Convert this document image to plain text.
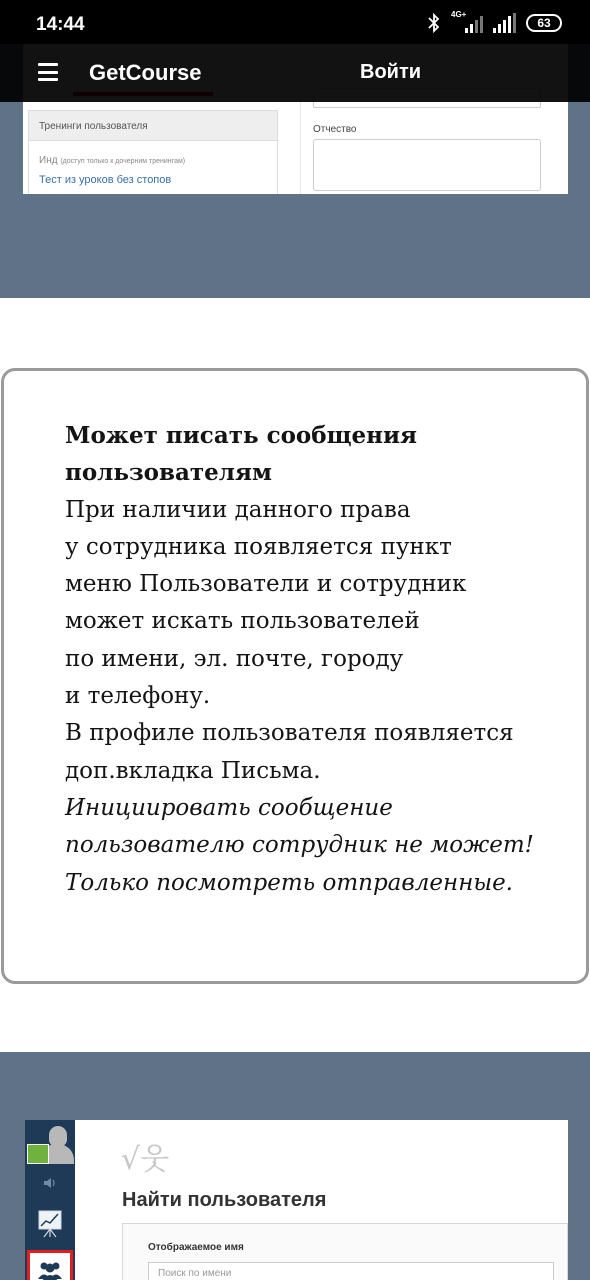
Тренинги пользователя
Инд (доступ только к дочерним тренингам)
Тест из уроков без стопов
Отчество
14:44	4G+
63
GetCourse	Войти
Может писать сообщения
пользователям
При наличии данного права
у сотрудника появляется пункт
меню Пользователи и сотрудник
может искать пользователей
по имени, эл. почте, городу
и телефону.
В профиле пользователя появляется
доп.вкладка Письма.
Инициировать сообщение
пользователю сотрудник не может!
Только посмотреть отправленные.
√웃
Найти пользователя
Отображаемое имя
Поиск по имени
